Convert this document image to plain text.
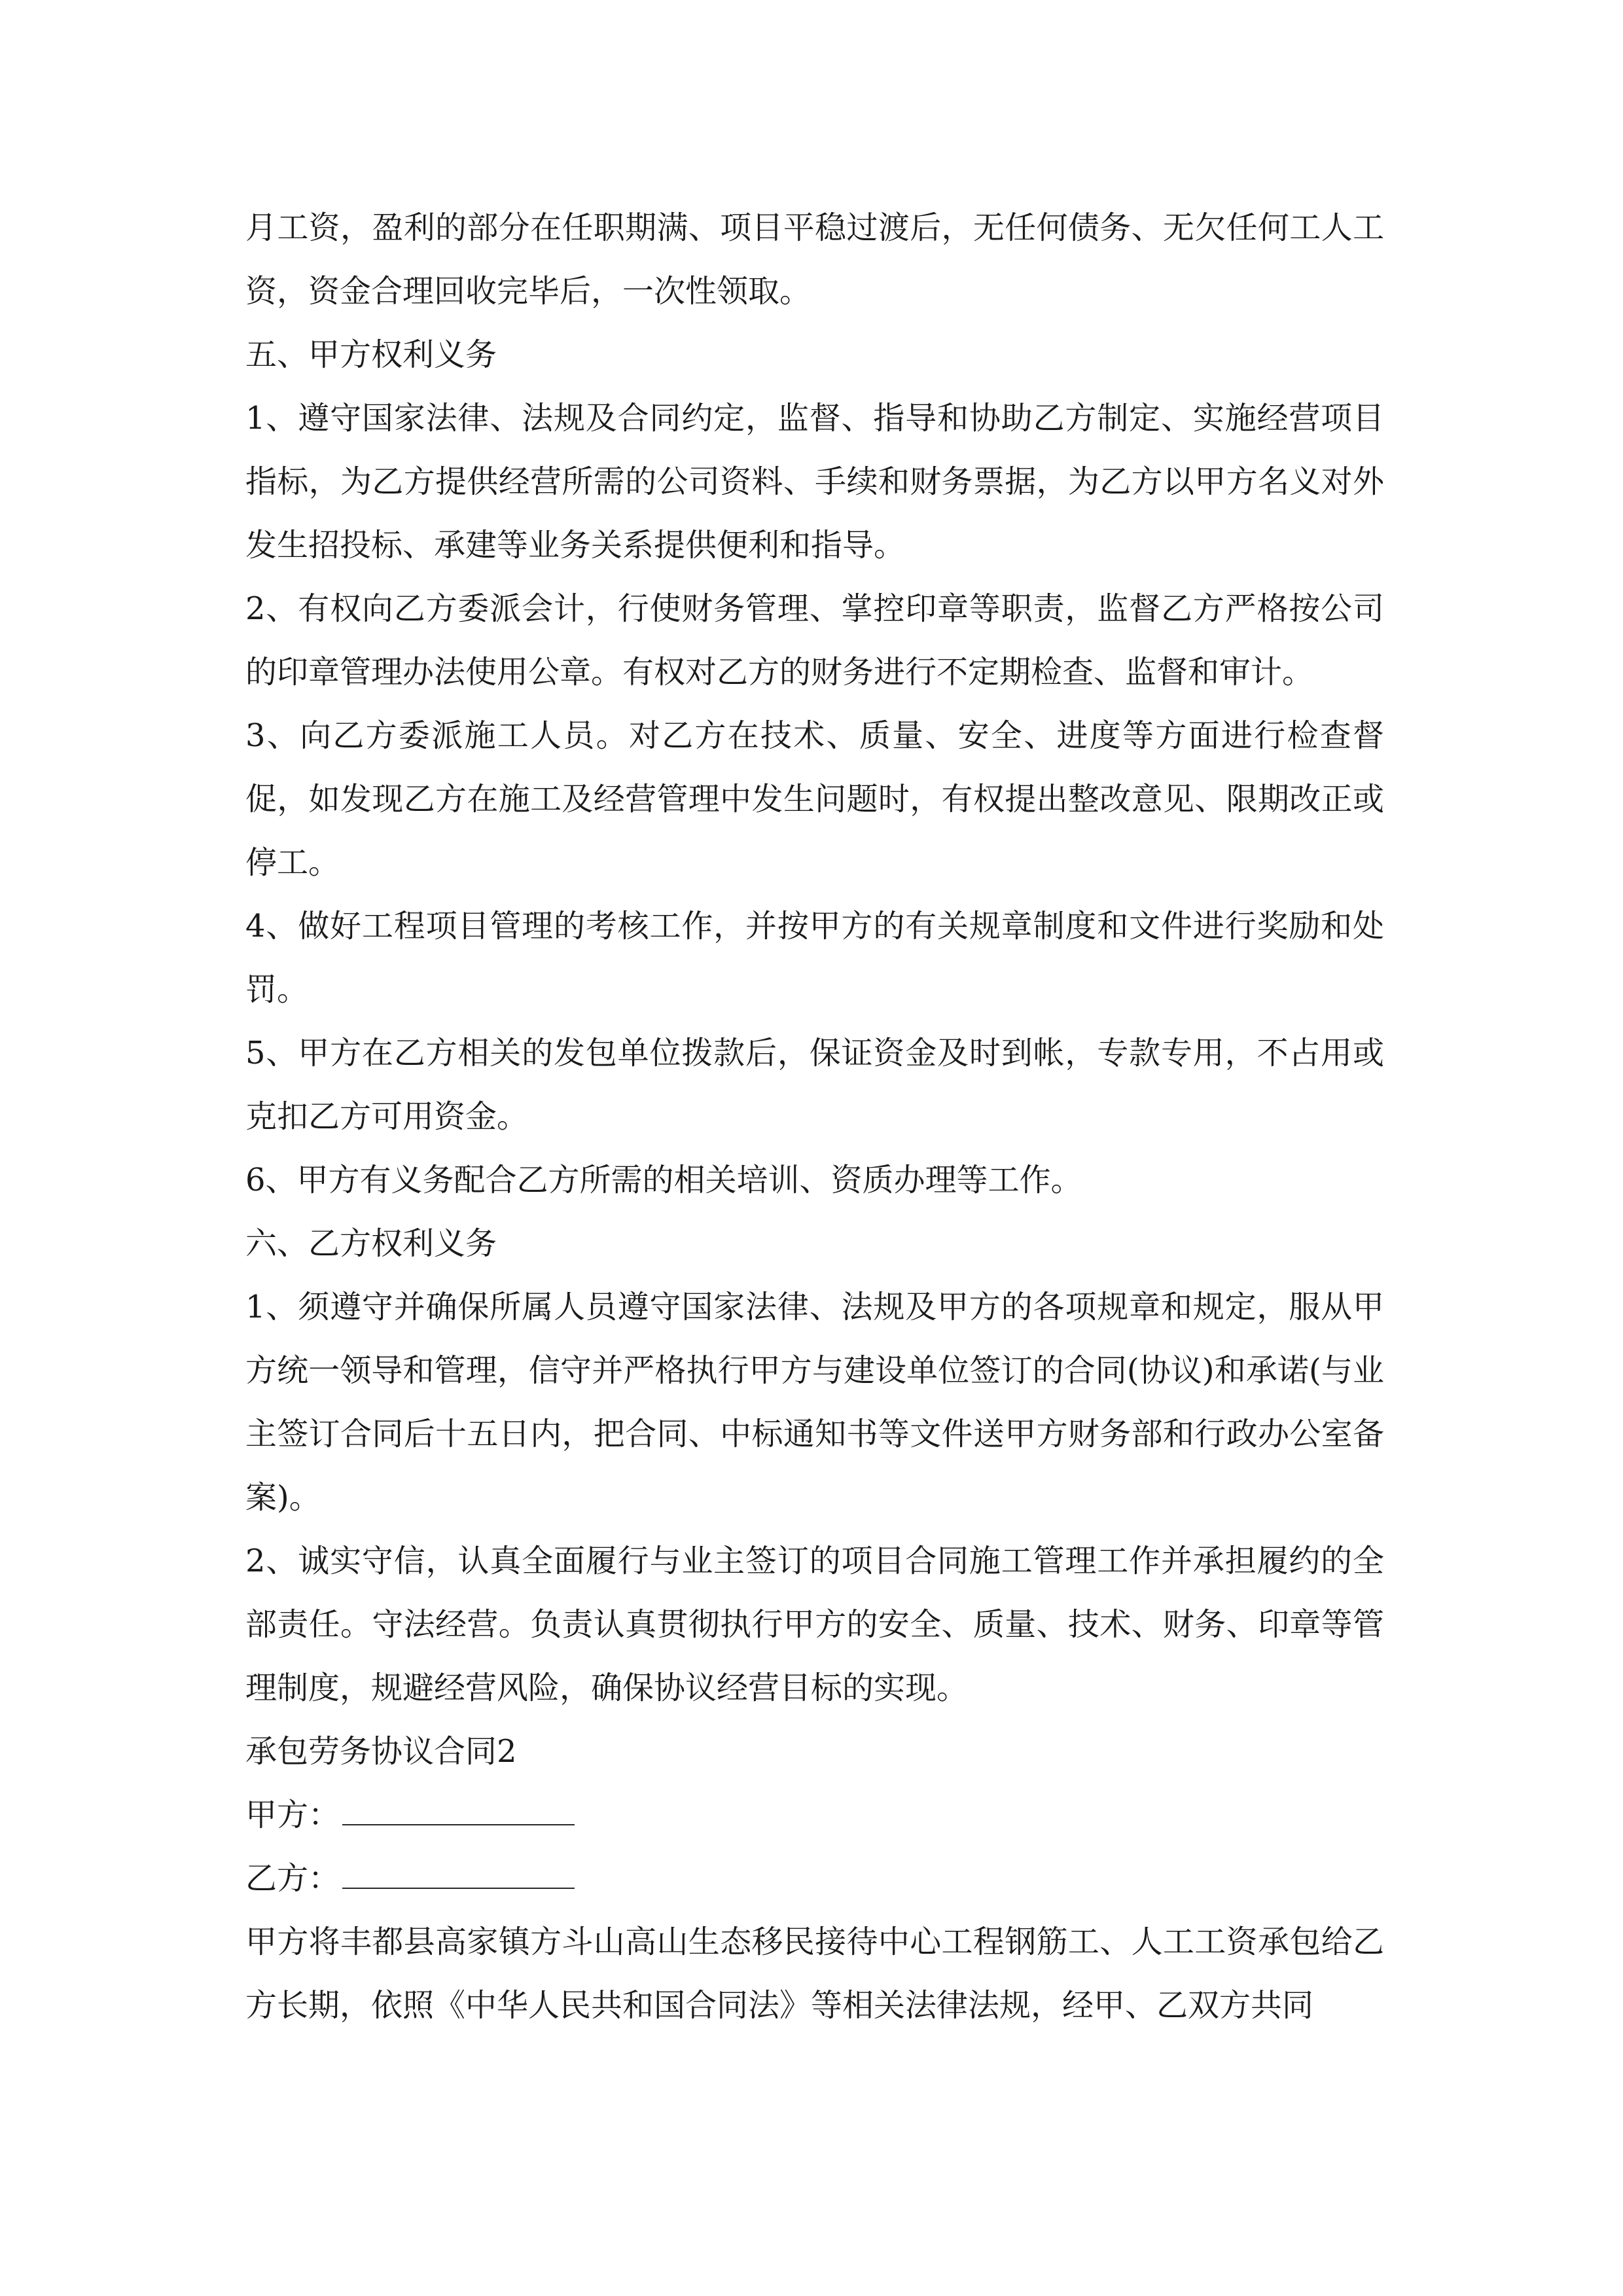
月工资，盈利的部分在任职期满、项目平稳过渡后，无任何债务、无欠任何工人工资，资金合理回收完毕后，一次性领取。

五、甲方权利义务

1、遵守国家法律、法规及合同约定，监督、指导和协助乙方制定、实施经营项目指标，为乙方提供经营所需的公司资料、手续和财务票据，为乙方以甲方名义对外发生招投标、承建等业务关系提供便利和指导。

2、有权向乙方委派会计，行使财务管理、掌控印章等职责，监督乙方严格按公司的印章管理办法使用公章。有权对乙方的财务进行不定期检查、监督和审计。

3、向乙方委派施工人员。对乙方在技术、质量、安全、进度等方面进行检查督促，如发现乙方在施工及经营管理中发生问题时，有权提出整改意见、限期改正或停工。

4、做好工程项目管理的考核工作，并按甲方的有关规章制度和文件进行奖励和处罚。

5、甲方在乙方相关的发包单位拨款后，保证资金及时到帐，专款专用，不占用或克扣乙方可用资金。

6、甲方有义务配合乙方所需的相关培训、资质办理等工作。

六、乙方权利义务

1、须遵守并确保所属人员遵守国家法律、法规及甲方的各项规章和规定，服从甲方统一领导和管理，信守并严格执行甲方与建设单位签订的合同(协议)和承诺(与业主签订合同后十五日内，把合同、中标通知书等文件送甲方财务部和行政办公室备案)。

2、诚实守信，认真全面履行与业主签订的项目合同施工管理工作并承担履约的全部责任。守法经营。负责认真贯彻执行甲方的安全、质量、技术、财务、印章等管理制度，规避经营风险，确保协议经营目标的实现。

承包劳务协议合同2

甲方：

乙方：

甲方将丰都县高家镇方斗山高山生态移民接待中心工程钢筋工、人工工资承包给乙方长期，依照《中华人民共和国合同法》等相关法律法规，经甲、乙双方共同
